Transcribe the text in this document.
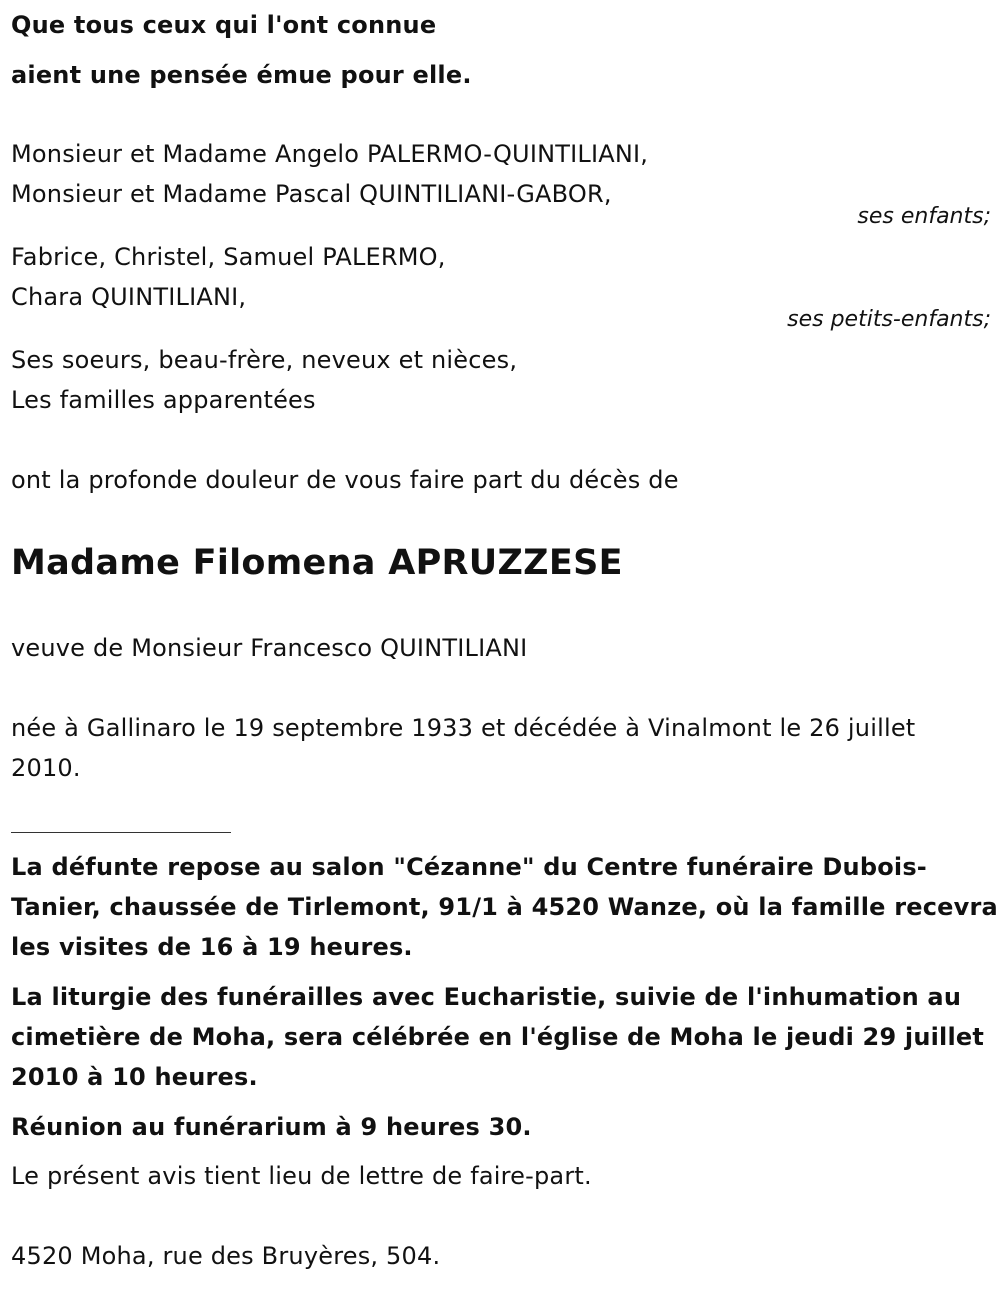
Que tous ceux qui l'ont connue
aient une pensée émue pour elle.
Monsieur et Madame Angelo PALERMO-QUINTILIANI,
Monsieur et Madame Pascal QUINTILIANI-GABOR,
ses enfants;
Fabrice, Christel, Samuel PALERMO,
Chara QUINTILIANI,
ses petits-enfants;
Ses soeurs, beau-frère, neveux et nièces,
Les familles apparentées
ont la profonde douleur de vous faire part du décès de
Madame Filomena APRUZZESE
veuve de Monsieur Francesco QUINTILIANI
née à Gallinaro le 19 septembre 1933 et décédée à Vinalmont le 26 juillet
2010.
La défunte repose au salon "Cézanne" du Centre funéraire Dubois-
Tanier, chaussée de Tirlemont, 91/1 à 4520 Wanze, où la famille recevra
les visites de 16 à 19 heures.
La liturgie des funérailles avec Eucharistie, suivie de l'inhumation au
cimetière de Moha, sera célébrée en l'église de Moha le jeudi 29 juillet
2010 à 10 heures.
Réunion au funérarium à 9 heures 30.
Le présent avis tient lieu de lettre de faire-part.
4520 Moha, rue des Bruyères, 504.
